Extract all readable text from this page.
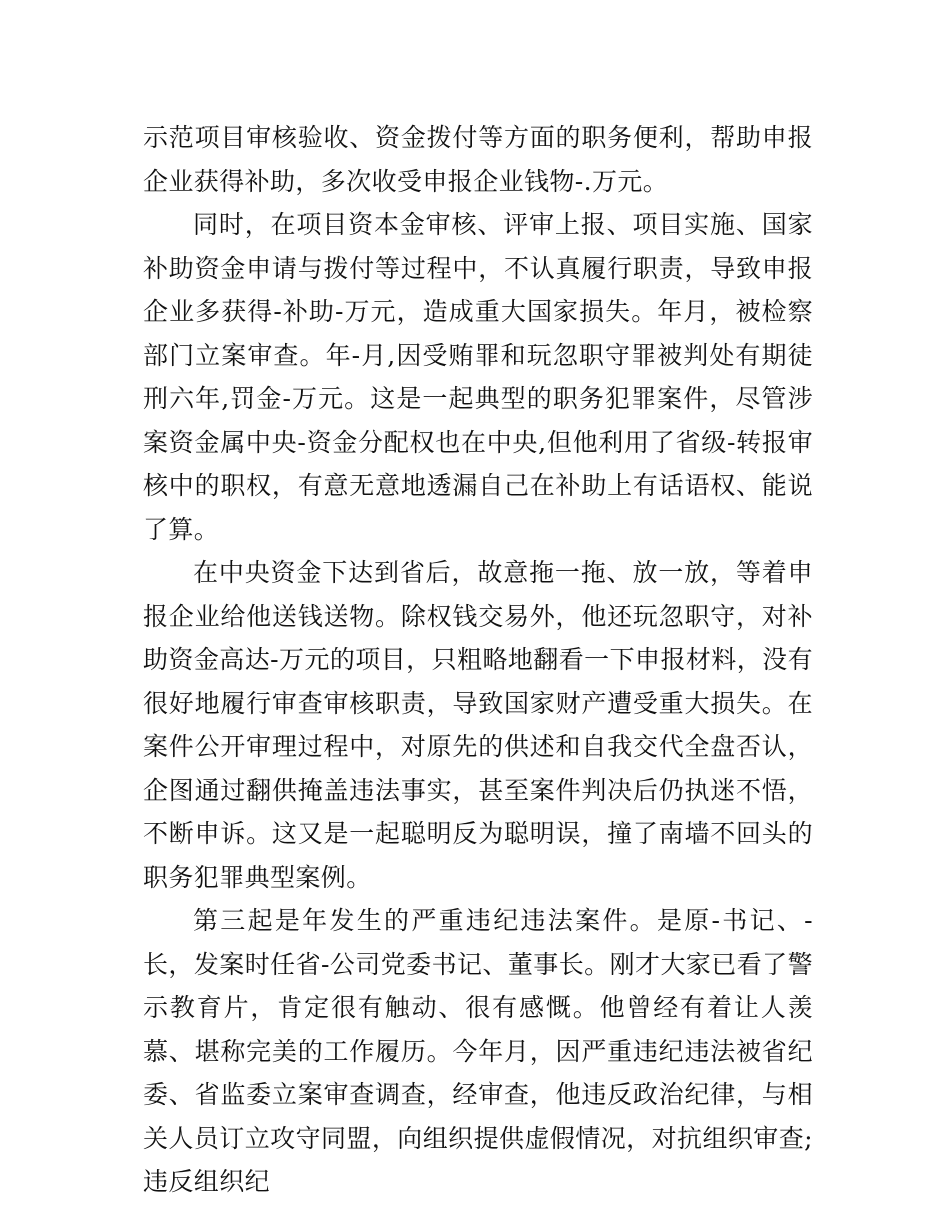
示范项目审核验收、资金拨付等方面的职务便利，帮助申报企业获得补助，多次收受申报企业钱物-.万元。

同时，在项目资本金审核、评审上报、项目实施、国家补助资金申请与拨付等过程中，不认真履行职责，导致申报企业多获得-补助-万元，造成重大国家损失。年月，被检察部门立案审查。年-月,因受贿罪和玩忽职守罪被判处有期徒刑六年,罚金-万元。这是一起典型的职务犯罪案件，尽管涉案资金属中央-资金分配权也在中央,但他利用了省级-转报审核中的职权，有意无意地透漏自己在补助上有话语权、能说了算。

在中央资金下达到省后，故意拖一拖、放一放，等着申报企业给他送钱送物。除权钱交易外，他还玩忽职守，对补助资金高达-万元的项目，只粗略地翻看一下申报材料，没有很好地履行审查审核职责，导致国家财产遭受重大损失。在案件公开审理过程中，对原先的供述和自我交代全盘否认，企图通过翻供掩盖违法事实，甚至案件判决后仍执迷不悟，不断申诉。这又是一起聪明反为聪明误，撞了南墙不回头的职务犯罪典型案例。

第三起是年发生的严重违纪违法案件。是原-书记、-长，发案时任省-公司党委书记、董事长。刚才大家已看了警示教育片，肯定很有触动、很有感慨。他曾经有着让人羡慕、堪称完美的工作履历。今年月，因严重违纪违法被省纪委、省监委立案审查调查，经审查，他违反政治纪律，与相关人员订立攻守同盟，向组织提供虚假情况，对抗组织审查;违反组织纪
